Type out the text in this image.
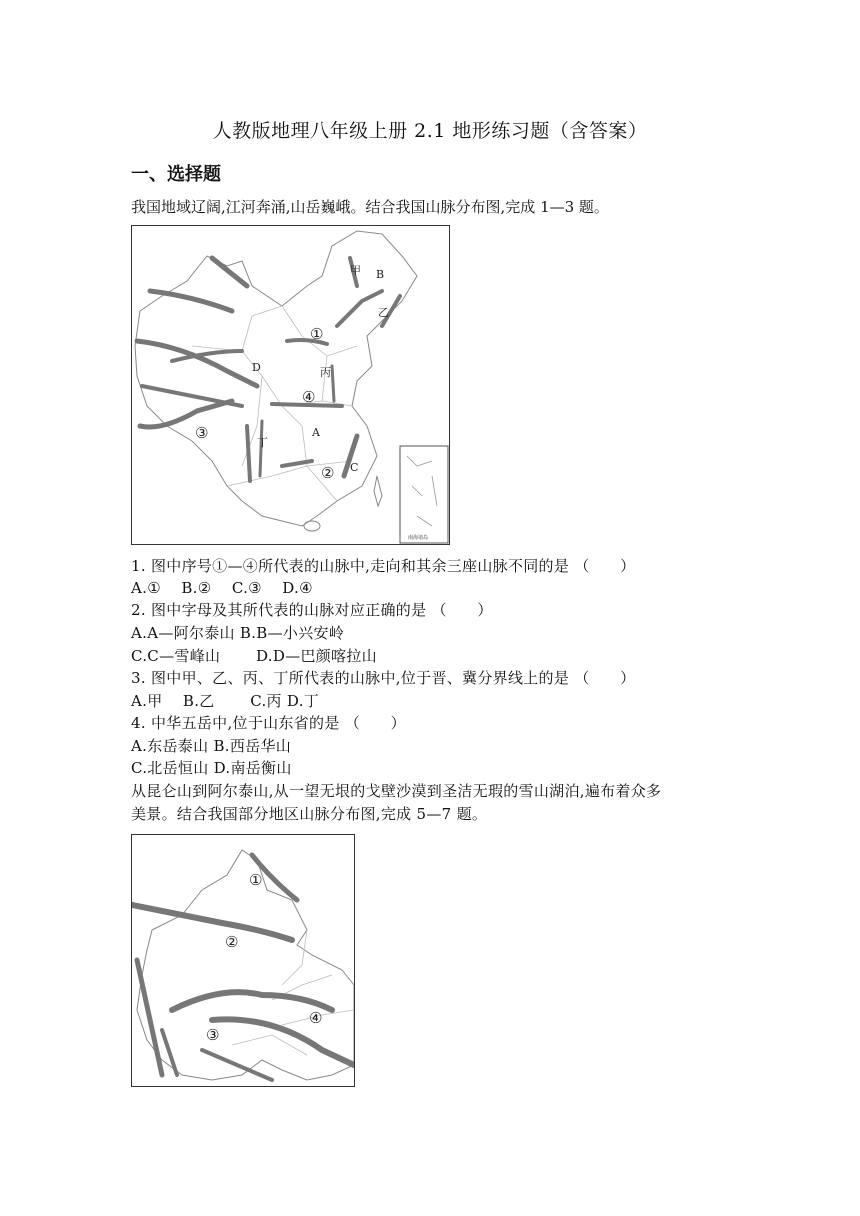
人教版地理八年级上册 2.1 地形练习题（含答案）
一、选择题
我国地域辽阔,江河奔涌,山岳巍峨。结合我国山脉分布图,完成 1—3 题。
南海诸岛
甲 B
乙
①
D	丙
④
③	A
丁
② C
1. 图中序号①—④所代表的山脉中,走向和其余三座山脉不同的是 （　　）
A.①　 B.②　 C.③　 D.④
2. 图中字母及其所代表的山脉对应正确的是 （　　）
A.A—阿尔泰山 B.B—小兴安岭
C.C—雪峰山　　 D.D—巴颜喀拉山
3. 图中甲、乙、丙、丁所代表的山脉中,位于晋、冀分界线上的是 （　　）
A.甲　 B.乙　　 C.丙 D.丁
4. 中华五岳中,位于山东省的是 （　　）
A.东岳泰山 B.西岳华山
C.北岳恒山 D.南岳衡山
从昆仑山到阿尔泰山,从一望无垠的戈壁沙漠到圣洁无瑕的雪山湖泊,遍布着众多
美景。结合我国部分地区山脉分布图,完成 5—7 题。
①
②
③
④
